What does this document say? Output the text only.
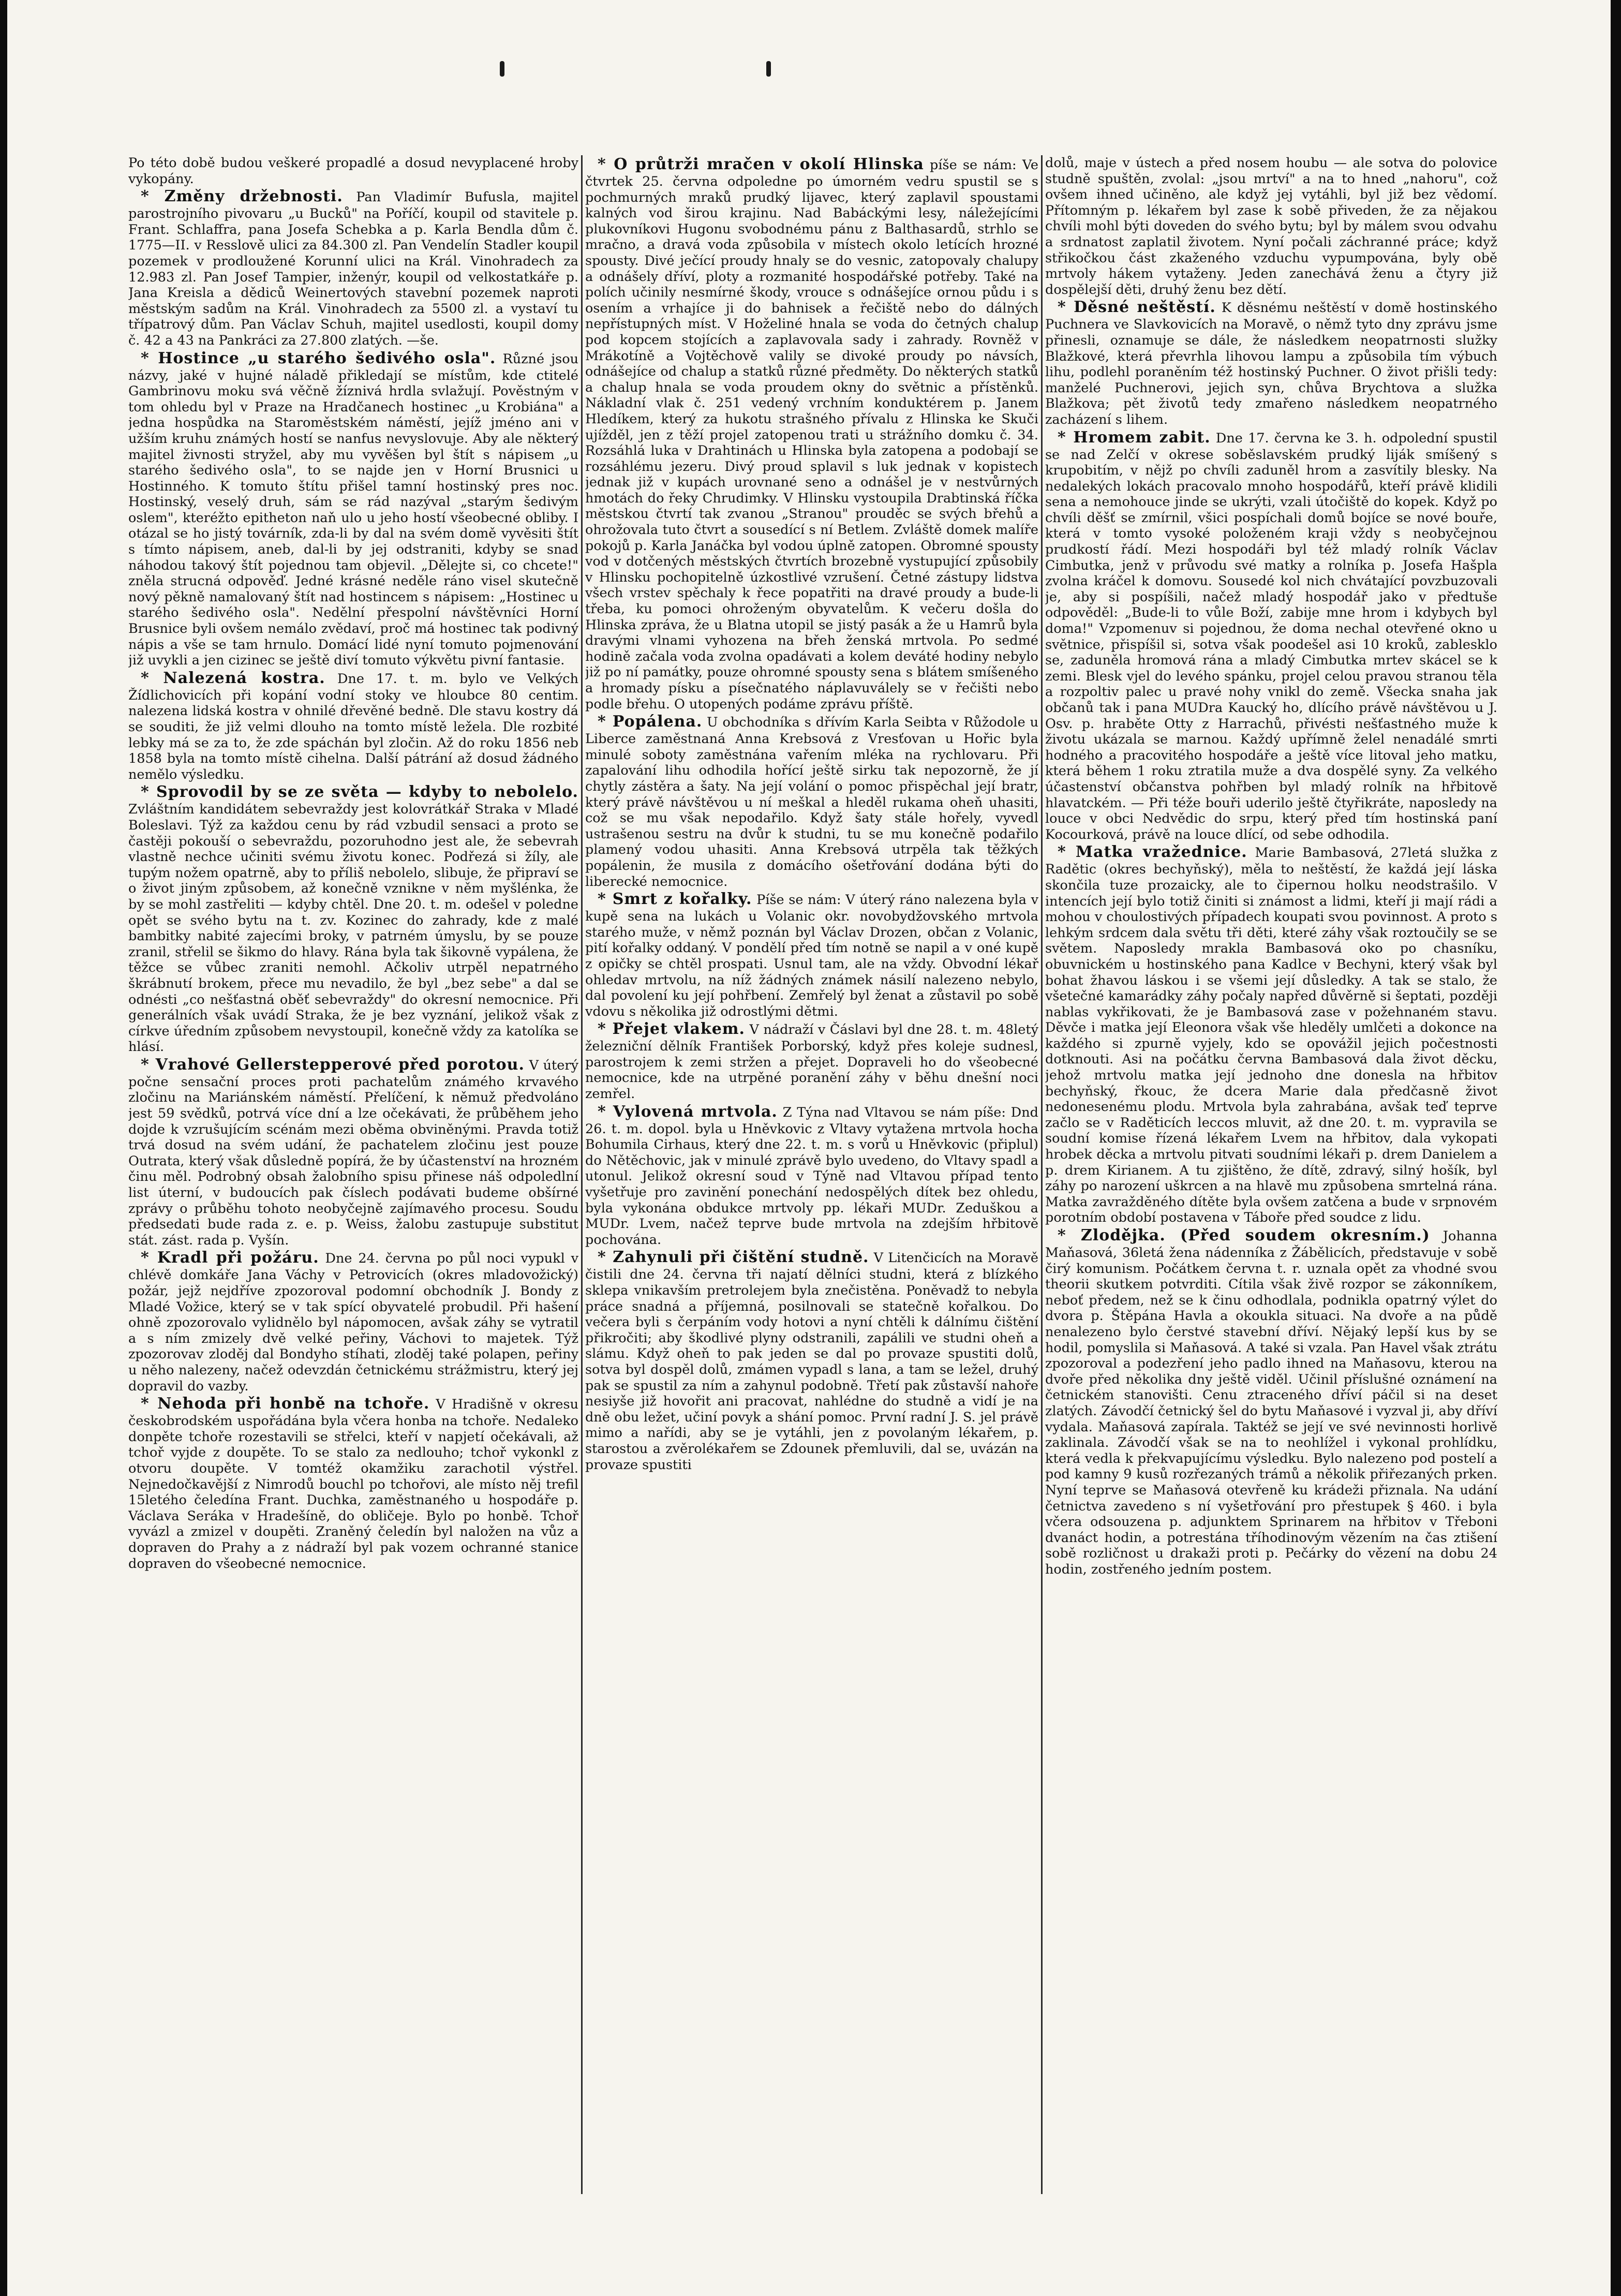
Po této době budou veškeré propadlé a dosud nevyplacené hroby vykopány.

* Změny držebnosti. Pan Vladimír Bufusla, majitel parostrojního pivovaru „u Bucků" na Poříčí, koupil od stavitele p. Frant. Schlaffra, pana Josefa Schebka a p. Karla Bendla dům č. 1775—II. v Resslově ulici za 84.300 zl. Pan Vendelín Stadler koupil pozemek v prodloužené Korunní ulici na Král. Vinohradech za 12.983 zl. Pan Josef Tampier, inženýr, koupil od velkostatkáře p. Jana Kreisla a dědiců Weinertových stavební pozemek naproti městským sadům na Král. Vinohradech za 5500 zl. a vystaví tu třípatrový dům. Pan Václav Schuh, majitel usedlosti, koupil domy č. 42 a 43 na Pankráci za 27.800 zlatých. —še.

* Hostince „u starého šedivého osla". Různé jsou názvy, jaké v hujné náladě přikledají se místům, kde ctitelé Gambrinovu moku svá věčně žíznivá hrdla svlažují. Pověstným v tom ohledu byl v Praze na Hradčanech hostinec „u Krobiána" a jedna hospůdka na Staroměstském náměstí, jejíž jméno ani v užším kruhu známých hostí se nanfus nevyslovuje. Aby ale některý majitel živnosti stryžel, aby mu vyvěšen byl štít s nápisem „u starého šedivého osla", to se najde jen v Horní Brusnici u Hostinného. K tomuto štítu přišel tamní hostinský pres noc. Hostinský, veselý druh, sám se rád nazýval „starým šedivým oslem", kteréžto epitheton naň ulo u jeho hostí všeobecné obliby. I otázal se ho jistý továrník, zda-li by dal na svém domě vyvěsiti štít s tímto nápisem, aneb, dal-li by jej odstraniti, kdyby se snad náhodou takový štít pojednou tam objevil. „Dělejte si, co chcete!" zněla strucná odpověď. Jedné krásné neděle ráno visel skutečně nový pěkně namalovaný štít nad hostincem s nápisem: „Hostinec u starého šedivého osla". Nedělní přespolní návštěvníci Horní Brusnice byli ovšem nemálo zvědaví, proč má hostinec tak podivný nápis a vše se tam hrnulo. Domácí lidé nyní tomuto pojmenování již uvykli a jen cizinec se ještě diví tomuto výkvětu pivní fantasie.

* Nalezená kostra. Dne 17. t. m. bylo ve Velkých Žídlichovicích při kopání vodní stoky ve hloubce 80 centim. nalezena lidská kostra v ohnilé dřevěné bedně. Dle stavu kostry dá se souditi, že již velmi dlouho na tomto místě ležela. Dle rozbité lebky má se za to, že zde spáchán byl zločin. Až do roku 1856 neb 1858 byla na tomto místě cihelna. Další pátrání až dosud žádného nemělo výsledku.

* Sprovodil by se ze světa — kdyby to nebolelo. Zvláštním kandidátem sebevraždy jest kolovrátkář Straka v Mladé Boleslavi. Týž za každou cenu by rád vzbudil sensaci a proto se častěji pokouší o sebevraždu, pozoruhodno jest ale, že sebevrah vlastně nechce učiniti svému životu konec. Podřezá si žíly, ale tupým nožem opatrně, aby to příliš nebolelo, slibuje, že připraví se o život jiným způsobem, až konečně vznikne v něm myšlénka, že by se mohl zastřeliti — kdyby chtěl. Dne 20. t. m. odešel v poledne opět se svého bytu na t. zv. Kozinec do zahrady, kde z malé bambitky nabité zajecími broky, v patrném úmyslu, by se pouze zranil, střelil se šikmo do hlavy. Rána byla tak šikovně vypálena, že těžce se vůbec zraniti nemohl. Ačkoliv utrpěl nepatrného škrábnutí brokem, přece mu nevadilo, že byl „bez sebe" a dal se odnésti „co nešťastná oběť sebevraždy" do okresní nemocnice. Při generálních však uvádí Straka, že je bez vyznání, jelikož však z církve úředním způsobem nevystoupil, konečně vždy za katolíka se hlásí.

* Vrahové Gellerstepperové před porotou. V úterý počne sensační proces proti pachatelům známého krvavého zločinu na Mariánském náměstí. Přelíčení, k němuž předvoláno jest 59 svědků, potrvá více dní a lze očekávati, že průběhem jeho dojde k vzrušujícím scénám mezi oběma obviněnými. Pravda totiž trvá dosud na svém udání, že pachatelem zločinu jest pouze Outrata, který však důsledně popírá, že by účastenství na hrozném činu měl. Podrobný obsah žalobního spisu přinese náš odpoledlní list úterní, v budoucích pak číslech podávati budeme obšírné zprávy o průběhu tohoto neobyčejně zajímavého procesu. Soudu předsedati bude rada z. e. p. Weiss, žalobu zastupuje substitut stát. zást. rada p. Vyšín.

* Kradl při požáru. Dne 24. června po půl noci vypukl v chlévě domkáře Jana Váchy v Petrovicích (okres mladovožický) požár, jejž nejdříve zpozoroval podomní obchodník J. Bondy z Mladé Vožice, který se v tak spící obyvatelé probudil. Při hašení ohně zpozorovalo vylidnělo byl nápomocen, avšak záhy se vytratil a s ním zmizely dvě velké peřiny, Váchovi to majetek. Týž zpozorovav zloděj dal Bondyho stíhati, zloděj také polapen, peřiny u něho nalezeny, načež odevzdán četnickému strážmistru, který jej dopravil do vazby.

* Nehoda při honbě na tchoře. V Hradišně v okresu českobrodském uspořádána byla včera honba na tchoře. Nedaleko donpěte tchoře rozestavili se střelci, kteří v napjetí očekávali, až tchoř vyjde z doupěte. To se stalo za nedlouho; tchoř vykonkl z otvoru doupěte. V tomtéž okamžiku zarachotil výstřel. Nejnedočkavější z Nimrodů bouchl po tchořovi, ale místo něj trefil 15letého čeledína Frant. Duchka, zaměstnaného u hospodáře p. Václava Seráka v Hradešíně, do obličeje. Bylo po honbě. Tchoř vyvázl a zmizel v doupěti. Zraněný čeledín byl naložen na vůz a dopraven do Prahy a z nádraží byl pak vozem ochranné stanice dopraven do všeobecné nemocnice.

* O průtrži mračen v okolí Hlinska píše se nám: Ve čtvrtek 25. června odpoledne po úmorném vedru spustil se s pochmurných mraků prudký lijavec, který zaplavil spoustami kalných vod širou krajinu. Nad Babáckými lesy, náležejícími plukovníkovi Hugonu svobodnému pánu z Balthasardů, strhlo se mračno, a dravá voda způsobila v místech okolo letících hrozné spousty. Divé ječící proudy hnaly se do vesnic, zatopovaly chalupy a odnášely dříví, ploty a rozmanité hospodářské potřeby. Také na polích učinily nesmírné škody, vrouce s odnášejíce ornou půdu i s osením a vrhajíce ji do bahnisek a řečiště nebo do dálných nepřístupných míst. V Hoželiné hnala se voda do četných chalup pod kopcem stojících a zaplavovala sady i zahrady. Rovněž v Mrákotíně a Vojtěchově valily se divoké proudy po návsích, odnášejíce od chalup a statků různé předměty. Do některých statků a chalup hnala se voda proudem okny do světnic a přístěnků. Nákladní vlak č. 251 vedený vrchním konduktérem p. Janem Hledíkem, který za hukotu strašného přívalu z Hlinska ke Skuči ujížděl, jen z těží projel zatopenou trati u strážního domku č. 34. Rozsáhlá luka v Drahtinách u Hlinska byla zatopena a podobají se rozsáhlému jezeru. Divý proud splavil s luk jednak v kopistech jednak již v kupách urovnané seno a odnášel je v nestvůrných hmotách do řeky Chrudimky. V Hlinsku vystoupila Drabtinská říčka městskou čtvrtí tak zvanou „Stranou" prouděc se svých břehů a ohrožovala tuto čtvrt a sousedící s ní Betlem. Zvláště domek malíře pokojů p. Karla Janáčka byl vodou úplně zatopen. Obromné spousty vod v dotčených městských čtvrtích brozebně vystupující způsobily v Hlinsku pochopitelně úzkostlivé vzrušení. Četné zástupy lidstva všech vrstev spěchaly k řece popatřiti na dravé proudy a bude-li třeba, ku pomoci ohroženým obyvatelům. K večeru došla do Hlinska zpráva, že u Blatna utopil se jistý pasák a že u Hamrů byla dravými vlnami vyhozena na břeh ženská mrtvola. Po sedmé hodině začala voda zvolna opadávati a kolem deváté hodiny nebylo již po ní památky, pouze ohromné spousty sena s blátem smíšeného a hromady písku a písečnatého náplavuválely se v řečišti nebo podle břehu. O utopených podáme zprávu příště.

* Popálena. U obchodníka s dřívím Karla Seibta v Růžodole u Liberce zaměstnaná Anna Krebsová z Vresťovan u Hořic byla minulé soboty zaměstnána vařením mléka na rychlovaru. Při zapalování lihu odhodila hořící ještě sirku tak nepozorně, že jí chytly zástěra a šaty. Na její volání o pomoc přispěchal její bratr, který právě návštěvou u ní meškal a hleděl rukama oheň uhasiti, což se mu však nepodařilo. Když šaty stále hořely, vyvedl ustrašenou sestru na dvůr k studni, tu se mu konečně podařilo plamený vodou uhasiti. Anna Krebsová utrpěla tak těžkých popálenin, že musila z domácího ošetřování dodána býti do liberecké nemocnice.

* Smrt z kořalky. Píše se nám: V úterý ráno nalezena byla v kupě sena na lukách u Volanic okr. novobydžovského mrtvola starého muže, v němž poznán byl Václav Drozen, občan z Volanic, pití kořalky oddaný. V pondělí před tím notně se napil a v oné kupě z opičky se chtěl prospati. Usnul tam, ale na vždy. Obvodní lékař ohledav mrtvolu, na níž žádných známek násilí nalezeno nebylo, dal povolení ku její pohřbení. Zemřelý byl ženat a zůstavil po sobě vdovu s několika již odrostlými dětmi.

* Přejet vlakem. V nádraží v Čáslavi byl dne 28. t. m. 48letý železniční dělník František Porborský, když přes koleje sudnesl, parostrojem k zemi stržen a přejet. Dopraveli ho do všeobecné nemocnice, kde na utrpěné poranění záhy v běhu dnešní noci zemřel.

* Vylovená mrtvola. Z Týna nad Vltavou se nám píše: Dnd 26. t. m. dopol. byla u Hněvkovic z Vltavy vytažena mrtvola hocha Bohumila Cirhaus, který dne 22. t. m. s vorů u Hněvkovic (připlul) do Nětěchovic, jak v minulé zprávě bylo uvedeno, do Vltavy spadl a utonul. Jelikož okresní soud v Týně nad Vltavou případ tento vyšetřuje pro zavinění ponechání nedospělých dítek bez ohledu, byla vykonána obdukce mrtvoly pp. lékaři MUDr. Zeduškou a MUDr. Lvem, načež teprve bude mrtvola na zdejším hřbitově pochována.

* Zahynuli při čištění studně. V Litenčicích na Moravě čistili dne 24. června tři najatí dělníci studni, která z blízkého sklepa vnikavším pretrolejem byla znečistěna. Poněvadž to nebyla práce snadná a příjemná, posilnovali se statečně kořalkou. Do večera byli s čerpáním vody hotovi a nyní chtěli k dálnímu čištění přikročiti; aby škodlivé plyny odstranili, zapálili ve studni oheň a slámu. Když oheň to pak jeden se dal po provaze spustiti dolů, sotva byl dospěl dolů, zmámen vypadl s lana, a tam se ležel, druhý pak se spustil za ním a zahynul podobně. Třetí pak zůstavší nahoře nesiyše již hovořit ani pracovat, nahlédne do studně a vidí je na dně obu ležet, učiní povyk a shání pomoc. První radní J. S. jel právě mimo a nařídi, aby se je vytáhli, jen z povolaným lékařem, p. starostou a zvěrolékařem se Zdounek přemluvili, dal se, uvázán na provaze spustiti

dolů, maje v ústech a před nosem houbu — ale sotva do polovice studně spuštěn, zvolal: „jsou mrtví" a na to hned „nahoru", což ovšem ihned učiněno, ale když jej vytáhli, byl již bez vědomí. Přítomným p. lékařem byl zase k sobě přiveden, že za nějakou chvíli mohl býti doveden do svého bytu; byl by málem svou odvahu a srdnatost zaplatil životem. Nyní počali záchranné práce; když střikočkou část zkaženého vzduchu vypumpována, byly obě mrtvoly hákem vytaženy. Jeden zanechává ženu a čtyry již dospělejší děti, druhý ženu bez dětí.

* Děsné neštěstí. K děsnému neštěstí v domě hostinského Puchnera ve Slavkovicích na Moravě, o němž tyto dny zprávu jsme přinesli, oznamuje se dále, že následkem neopatrnosti služky Blažkové, která převrhla lihovou lampu a způsobila tím výbuch lihu, podlehl poraněním též hostinský Puchner. O život přišli tedy: manželé Puchnerovi, jejich syn, chůva Brychtova a služka Blažkova; pět životů tedy zmařeno následkem neopatrného zacházení s lihem.

* Hromem zabit. Dne 17. června ke 3. h. odpolední spustil se nad Zelčí v okrese soběslavském prudký liják smíšený s krupobitím, v nějž po chvíli zaduněl hrom a zasvítily blesky. Na nedalekých lokách pracovalo mnoho hospodářů, kteří právě klidili sena a nemohouce jinde se ukrýti, vzali útočiště do kopek. Když po chvíli děšť se zmírnil, všici pospíchali domů bojíce se nové bouře, která v tomto vysoké položeném kraji vždy s neobyčejnou prudkostí řádí. Mezi hospodáři byl též mladý rolník Václav Cimbutka, jenž v průvodu své matky a rolníka p. Josefa Hašpla zvolna kráčel k domovu. Sousedé kol nich chvátající povzbuzovali je, aby si pospíšili, načež mladý hospodář jako v předtuše odpověděl: „Bude-li to vůle Boží, zabije mne hrom i kdybych byl doma!" Vzpomenuv si pojednou, že doma nechal otevřené okno u světnice, přispíšil si, sotva však poodešel asi 10 kroků, zablesklo se, zaduněla hromová rána a mladý Cimbutka mrtev skácel se k zemi. Blesk vjel do levého spánku, projel celou pravou stranou těla a rozpoltiv palec u pravé nohy vnikl do země. Všecka snaha jak občanů tak i pana MUDra Kaucký ho, dlícího právě návštěvou u J. Osv. p. hraběte Otty z Harrachů, přivésti nešťastného muže k životu ukázala se marnou. Každý upřímně želel nenadálé smrti hodného a pracovitého hospodáře a ještě více litoval jeho matku, která během 1 roku ztratila muže a dva dospělé syny. Za velkého účastenství občanstva pohřben byl mladý rolník na hřbitově hlavatckém. — Při téže bouři uderilo ještě čtyřikráte, naposledy na louce v obci Nedvědic do srpu, který před tím hostinská paní Kocourková, právě na louce dlící, od sebe odhodila.

* Matka vražednice. Marie Bambasová, 27letá služka z Radětic (okres bechyňský), měla to neštěstí, že každá její láska skončila tuze prozaicky, ale to čipernou holku neodstrašilo. V intencích její bylo totiž činiti si známost a lidmi, kteří ji mají rádi a mohou v choulostivých případech koupati svou povinnost. A proto s lehkým srdcem dala světu tři děti, které záhy však roztoučily se se světem. Naposledy mrakla Bambasová oko po chasníku, obuvnickém u hostinského pana Kadlce v Bechyni, který však byl bohat žhavou láskou i se všemi její důsledky. A tak se stalo, že všetečné kamarádky záhy počaly napřed důvěrně si šeptati, později nablas vykřikovati, že je Bambasová zase v požehnaném stavu. Děvče i matka její Eleonora však vše hleděly umlčeti a dokonce na každého si zpurně vyjely, kdo se opovážil jejich počestnosti dotknouti. Asi na počátku června Bambasová dala život děcku, jehož mrtvolu matka její jednoho dne donesla na hřbitov bechyňský, řkouc, že dcera Marie dala předčasně život nedonesenému plodu. Mrtvola byla zahrabána, avšak teď teprve začlo se v Raděticích leccos mluvit, až dne 20. t. m. vypravila se soudní komise řízená lékařem Lvem na hřbitov, dala vykopati hrobek děcka a mrtvolu pitvati soudními lékaři p. drem Danielem a p. drem Kirianem. A tu zjištěno, že dítě, zdravý, silný hošík, byl záhy po narození uškrcen a na hlavě mu způsobena smrtelná rána. Matka zavražděného dítěte byla ovšem zatčena a bude v srpnovém porotním období postavena v Táboře před soudce z lidu.

* Zlodějka. (Před soudem okresním.) Johanna Maňasová, 36letá žena nádenníka z Žábělicích, představuje v sobě čirý komunism. Počátkem června t. r. uznala opět za vhodné svou theorii skutkem potvrditi. Cítila však živě rozpor se zákonníkem, neboť předem, než se k činu odhodlala, podnikla opatrný výlet do dvora p. Štěpána Havla a okoukla situaci. Na dvoře a na půdě nenalezeno bylo čerstvé stavební dříví. Nějaký lepší kus by se hodil, pomyslila si Maňasová. A také si vzala. Pan Havel však ztrátu zpozoroval a podezření jeho padlo ihned na Maňasovu, kterou na dvoře před několika dny ještě viděl. Učinil příslušné oznámení na četnickém stanovišti. Cenu ztraceného dříví páčil si na deset zlatých. Závodčí četnický šel do bytu Maňasové i vyzval ji, aby dříví vydala. Maňasová zapírala. Taktéž se její ve své nevinnosti horlivě zaklinala. Závodčí však se na to neohlížel i vykonal prohlídku, která vedla k překvapujícímu výsledku. Bylo nalezeno pod postelí a pod kamny 9 kusů rozřezaných trámů a několik přiřezaných prken. Nyní teprve se Maňasová otevřeně ku krádeži přiznala. Na udání četnictva zavedeno s ní vyšetřování pro přestupek § 460. i byla včera odsouzena p. adjunktem Sprinarem na hřbitov v Třeboni dvanáct hodin, a potrestána tříhodinovým vězením na čas ztišení sobě rozličnost u drakaži proti p. Pečárky do vězení na dobu 24 hodin, zostřeného jedním postem.
